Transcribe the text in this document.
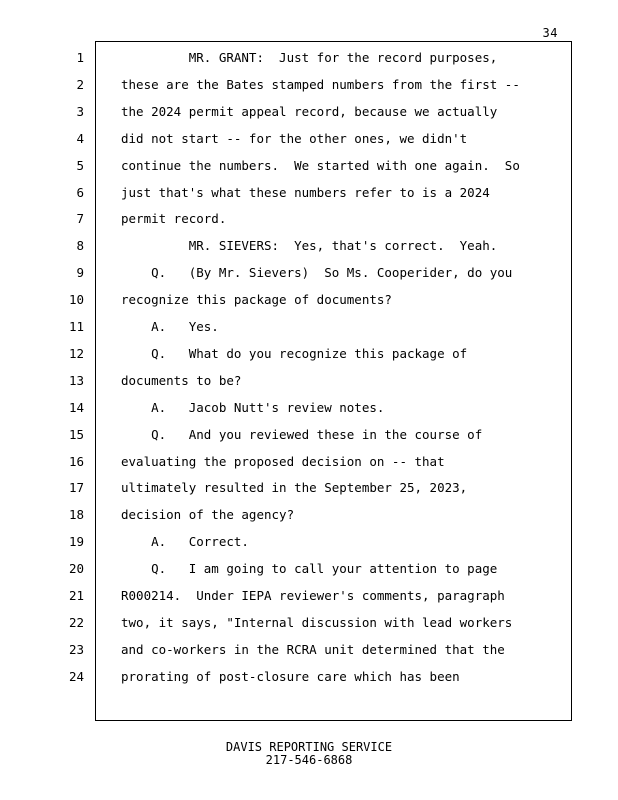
34
1
2
3
4
5
6
7
8
9
10
11
12
13
14
15
16
17
18
19
20
21
22
23
24
MR. GRANT:  Just for the record purposes,
these are the Bates stamped numbers from the first --
the 2024 permit appeal record, because we actually
did not start -- for the other ones, we didn't
continue the numbers.  We started with one again.  So
just that's what these numbers refer to is a 2024
permit record.
MR. SIEVERS:  Yes, that's correct.  Yeah.
Q.   (By Mr. Sievers)  So Ms. Cooperider, do you
recognize this package of documents?
A.   Yes.
Q.   What do you recognize this package of
documents to be?
A.   Jacob Nutt's review notes.
Q.   And you reviewed these in the course of
evaluating the proposed decision on -- that
ultimately resulted in the September 25, 2023,
decision of the agency?
A.   Correct.
Q.   I am going to call your attention to page
R000214.  Under IEPA reviewer's comments, paragraph
two, it says, "Internal discussion with lead workers
and co-workers in the RCRA unit determined that the
prorating of post-closure care which has been
DAVIS REPORTING SERVICE
217-546-6868
